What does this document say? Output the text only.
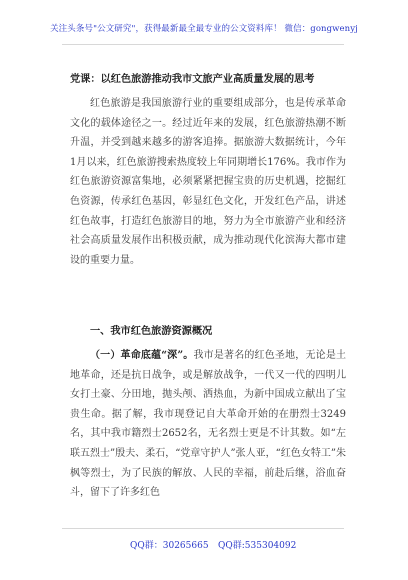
关注头条号"公文研究"，获得最新最全最专业的公文资料库！ 微信：gongwenyj
党课：以红色旅游推动我市文旅产业高质量发展的思考
红色旅游是我国旅游行业的重要组成部分，也是传承革命文化的载体途径之一。经过近年来的发展，红色旅游热潮不断升温，并受到越来越多的游客追捧。据旅游大数据统计，今年1月以来，红色旅游搜索热度较上年同期增长176%。我市作为红色旅游资源富集地，必须紧紧把握宝贵的历史机遇，挖掘红色资源，传承红色基因，彰显红色文化，开发红色产品，讲述红色故事，打造红色旅游目的地，努力为全市旅游产业和经济社会高质量发展作出积极贡献，成为推动现代化滨海大都市建设的重要力量。
一、我市红色旅游资源概况
（一）革命底蕴“深”。我市是著名的红色圣地，无论是土地革命，还是抗日战争，或是解放战争，一代又一代的四明儿女打土豪、分田地，抛头颅、洒热血，为新中国成立献出了宝贵生命。据了解，我市现登记自大革命开始的在册烈士3249名，其中我市籍烈士2652名，无名烈士更是不计其数。如“左联五烈士”殷夫、柔石，“党章守护人”张人亚，“红色女特工”朱枫等烈士，为了民族的解放、人民的幸福，前赴后继，浴血奋斗，留下了许多红色
QQ群：30265665 QQ群:535304092
